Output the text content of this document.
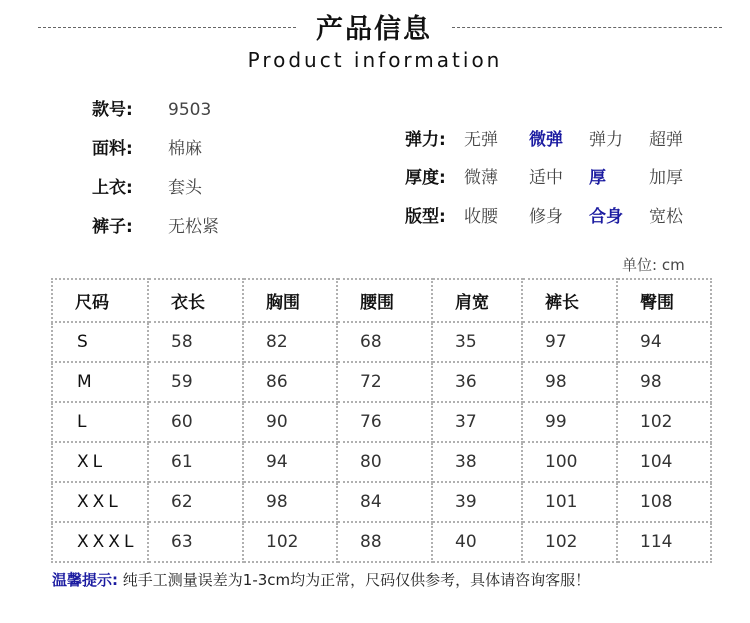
产品信息
Product information
款号: 9503
面料: 棉麻
上衣: 套头
裤子: 无松紧
弹力: 无弹 微弹 弹力 超弹
厚度: 微薄 适中 厚	加厚
版型: 收腰 修身 合身 宽松
单位: cm
尺码	衣长	胸围	腰围	肩宽	裤长	臀围
S	58	82	68	35	97	94
M	59	86	72	36	98	98
L	60	90	76	37	99	102
XL	61	94	80	38	100	104
XXL	62	98	84	39	101	108
XXXL	63	102	88	40	102	114
温馨提示: 纯手工测量误差为1-3cm均为正常，尺码仅供参考，具体请咨询客服！
